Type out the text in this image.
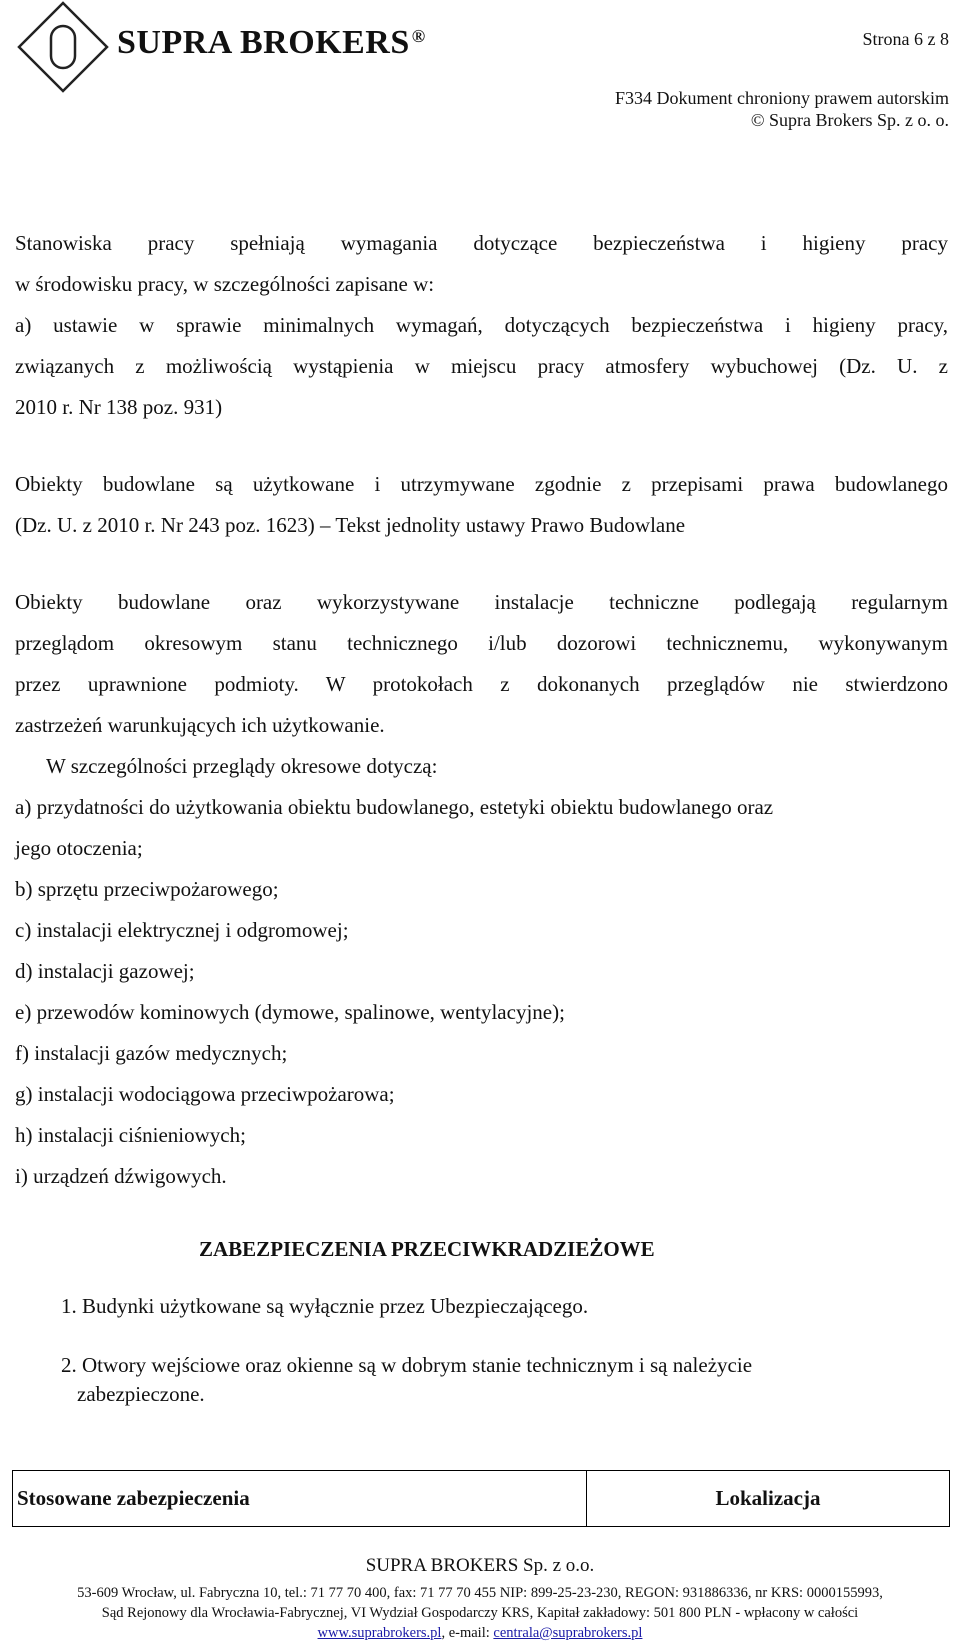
SUPRA BROKERS ®	Strona 6 z 8
F334 Dokument chroniony prawem autorskim
© Supra Brokers Sp. z o. o.
Stanowiska pracy spełniają wymagania dotyczące bezpieczeństwa i higieny pracy
w środowisku pracy, w szczególności zapisane w:
a) ustawie w sprawie minimalnych wymagań, dotyczących bezpieczeństwa i higieny pracy,
związanych z możliwością wystąpienia w miejscu pracy atmosfery wybuchowej (Dz. U. z
2010 r. Nr 138 poz. 931)
Obiekty budowlane są użytkowane i utrzymywane zgodnie z przepisami prawa budowlanego
(Dz. U. z 2010 r. Nr 243 poz. 1623) – Tekst jednolity ustawy Prawo Budowlane
Obiekty budowlane oraz wykorzystywane instalacje techniczne podlegają regularnym
przeglądom okresowym stanu technicznego i/lub dozorowi technicznemu, wykonywanym
przez uprawnione podmioty. W protokołach z dokonanych przeglądów nie stwierdzono
zastrzeżeń warunkujących ich użytkowanie.
W szczególności przeglądy okresowe dotyczą:
a) przydatności do użytkowania obiektu budowlanego, estetyki obiektu budowlanego oraz
jego otoczenia;
b) sprzętu przeciwpożarowego;
c) instalacji elektrycznej i odgromowej;
d) instalacji gazowej;
e) przewodów kominowych (dymowe, spalinowe, wentylacyjne);
f) instalacji gazów medycznych;
g) instalacji wodociągowa przeciwpożarowa;
h) instalacji ciśnieniowych;
i) urządzeń dźwigowych.
ZABEZPIECZENIA PRZECIWKRADZIEŻOWE
1. Budynki użytkowane są wyłącznie przez Ubezpieczającego.
2. Otwory wejściowe oraz okienne są w dobrym stanie technicznym i są należycie
zabezpieczone.
Stosowane zabezpieczenia	Lokalizacja
SUPRA BROKERS Sp. z o.o.
53-609 Wrocław, ul. Fabryczna 10, tel.: 71 77 70 400, fax: 71 77 70 455 NIP: 899-25-23-230, REGON: 931886336, nr KRS: 0000155993,
Sąd Rejonowy dla Wrocławia-Fabrycznej, VI Wydział Gospodarczy KRS, Kapitał zakładowy: 501 800 PLN - wpłacony w całości
www.suprabrokers.pl, e-mail: centrala@suprabrokers.pl
